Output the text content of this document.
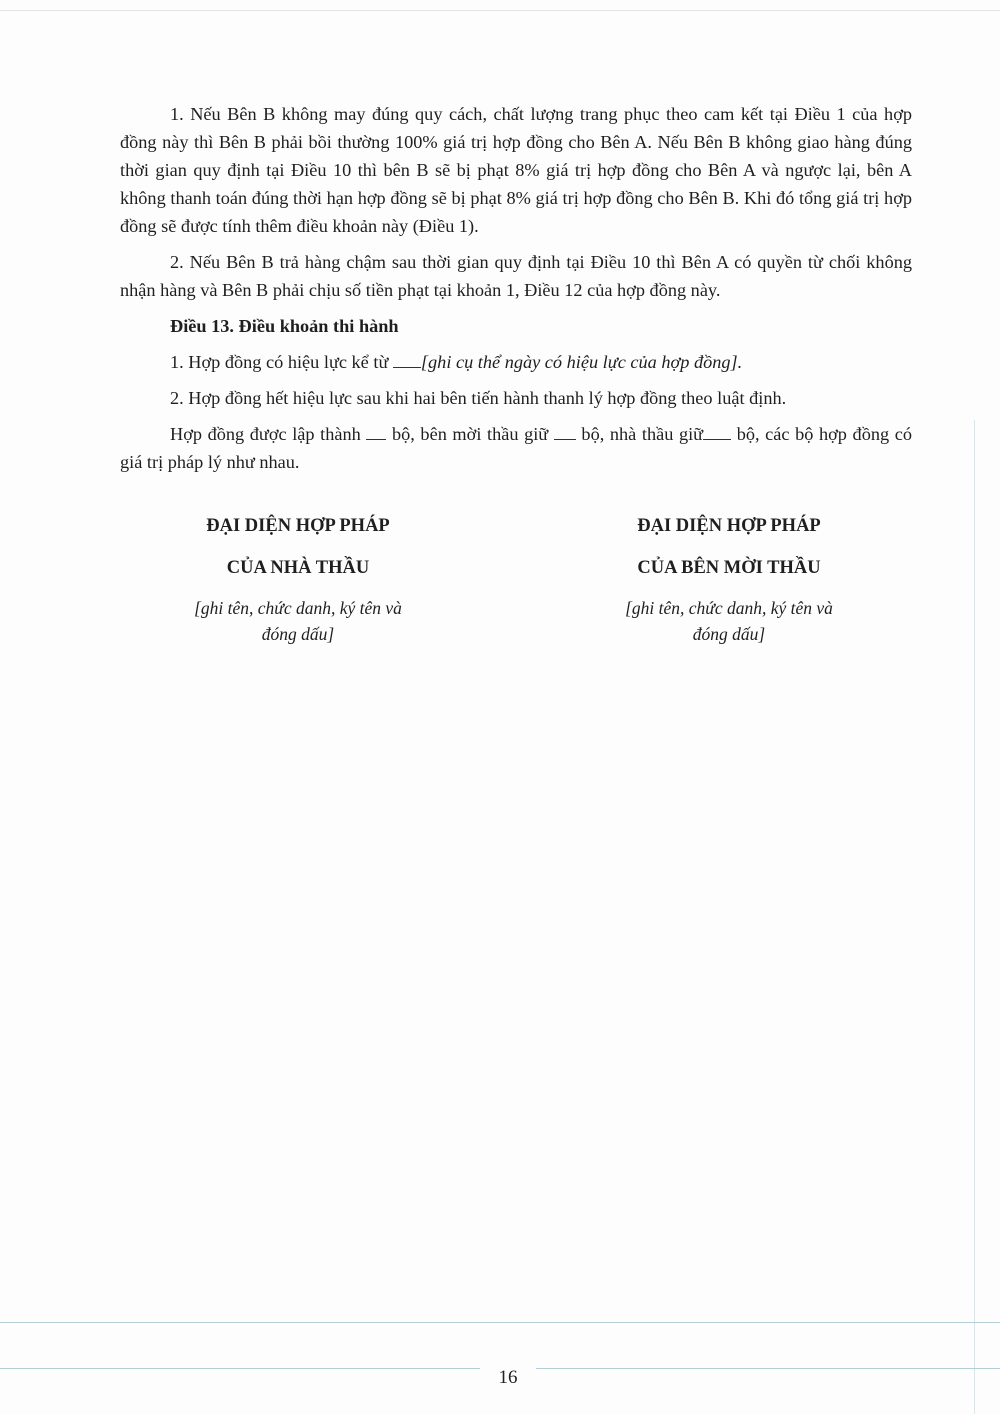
1. Nếu Bên B không may đúng quy cách, chất lượng trang phục theo cam kết tại Điều 1 của hợp đồng này thì Bên B phải bồi thường 100% giá trị hợp đồng cho Bên A. Nếu Bên B không giao hàng đúng thời gian quy định tại Điều 10 thì bên B sẽ bị phạt 8% giá trị hợp đồng cho Bên A và ngược lại, bên A không thanh toán đúng thời hạn hợp đồng sẽ bị phạt 8% giá trị hợp đồng cho Bên B. Khi đó tổng giá trị hợp đồng sẽ được tính thêm điều khoản này (Điều 1).

2. Nếu Bên B trả hàng chậm sau thời gian quy định tại Điều 10 thì Bên A có quyền từ chối không nhận hàng và Bên B phải chịu số tiền phạt tại khoản 1, Điều 12 của hợp đồng này.

Điều 13. Điều khoản thi hành

1. Hợp đồng có hiệu lực kể từ [ghi cụ thể ngày có hiệu lực của hợp đồng].

2. Hợp đồng hết hiệu lực sau khi hai bên tiến hành thanh lý hợp đồng theo luật định.

Hợp đồng được lập thành  bộ, bên mời thầu giữ  bộ, nhà thầu giữ bộ, các bộ hợp đồng có giá trị pháp lý như nhau.

ĐẠI DIỆN HỢP PHÁP
CỦA NHÀ THẦU
[ghi tên, chức danh, ký tên và đóng dấu]
ĐẠI DIỆN HỢP PHÁP
CỦA BÊN MỜI THẦU
[ghi tên, chức danh, ký tên và đóng dấu]
16
